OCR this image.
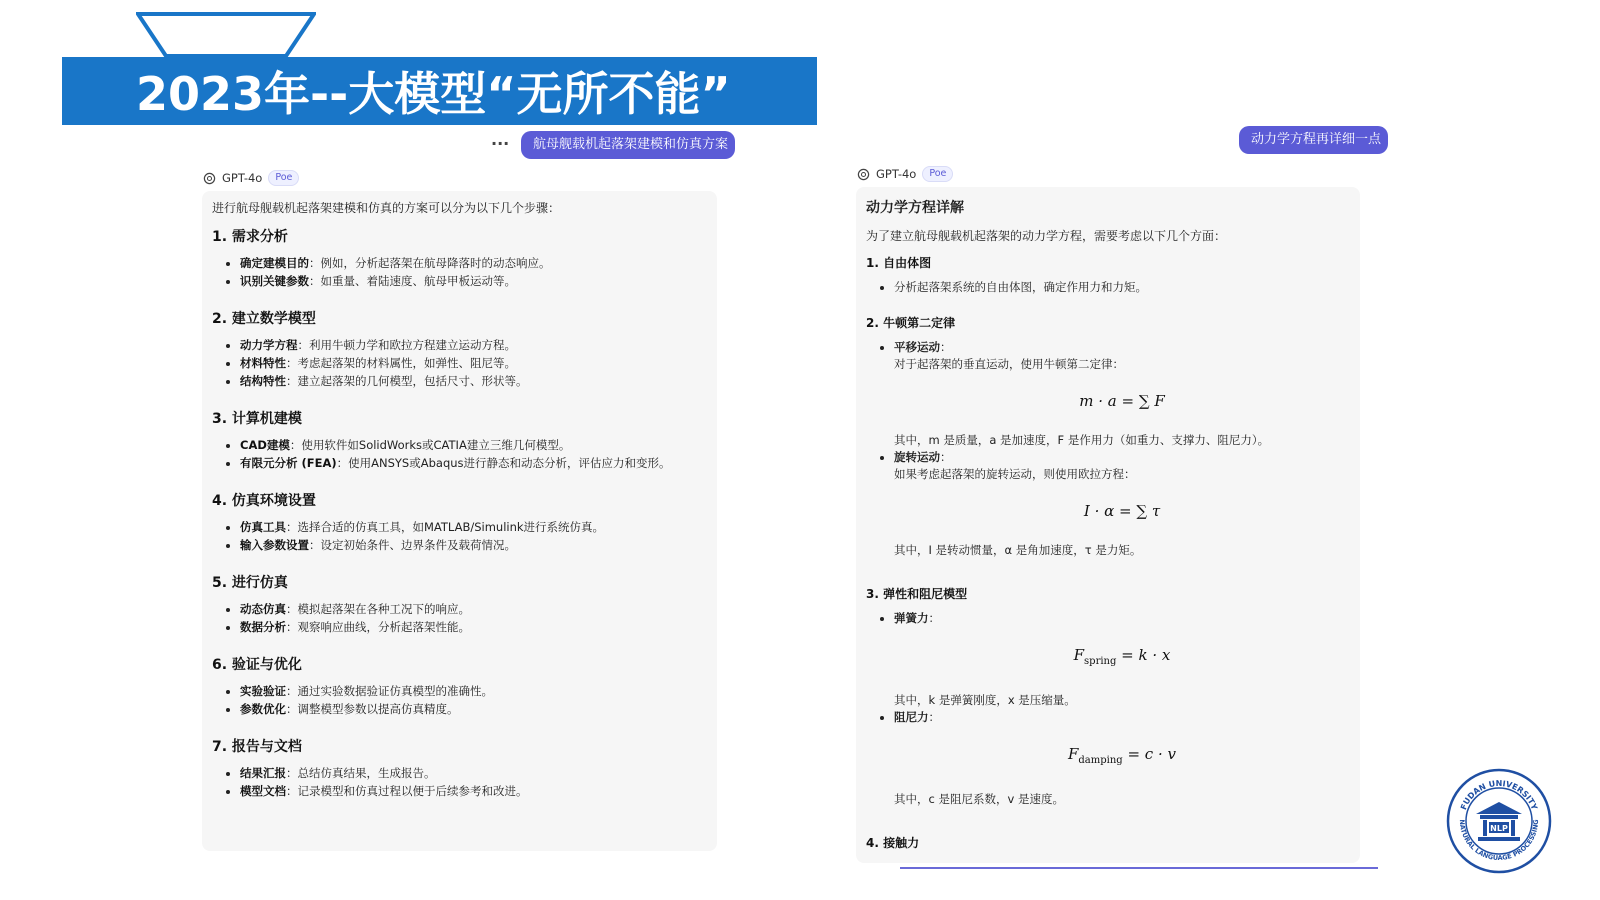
2023年--大模型“无所不能”
···	航母舰载机起落架建模和仿真方案
GPT-4o	Poe
进行航母舰载机起落架建模和仿真的方案可以分为以下几个步骤：
1. 需求分析
• 确定建模目的：例如，分析起落架在航母降落时的动态响应。
• 识别关键参数：如重量、着陆速度、航母甲板运动等。
2. 建立数学模型
• 动力学方程：利用牛顿力学和欧拉方程建立运动方程。
• 材料特性：考虑起落架的材料属性，如弹性、阻尼等。
• 结构特性：建立起落架的几何模型，包括尺寸、形状等。
3. 计算机建模
• CAD建模：使用软件如SolidWorks或CATIA建立三维几何模型。
• 有限元分析 (FEA)：使用ANSYS或Abaqus进行静态和动态分析，评估应力和变形。
4. 仿真环境设置
• 仿真工具：选择合适的仿真工具，如MATLAB/Simulink进行系统仿真。
• 输入参数设置：设定初始条件、边界条件及载荷情况。
5. 进行仿真
• 动态仿真：模拟起落架在各种工况下的响应。
• 数据分析：观察响应曲线，分析起落架性能。
6. 验证与优化
• 实验验证：通过实验数据验证仿真模型的准确性。
• 参数优化：调整模型参数以提高仿真精度。
7. 报告与文档
• 结果汇报：总结仿真结果，生成报告。
• 模型文档：记录模型和仿真过程以便于后续参考和改进。
动力学方程再详细一点
GPT-4o	Poe
动力学方程详解
为了建立航母舰载机起落架的动力学方程，需要考虑以下几个方面：
1. 自由体图
• 分析起落架系统的自由体图，确定作用力和力矩。
2. 牛顿第二定律
• 平移运动：
对于起落架的垂直运动，使用牛顿第二定律：
m · a = ∑ F
其中，m 是质量，a 是加速度，F 是作用力（如重力、支撑力、阻尼力）。
• 旋转运动：
如果考虑起落架的旋转运动，则使用欧拉方程：
I · α = ∑ τ
其中，I 是转动惯量，α 是角加速度，τ 是力矩。
3. 弹性和阻尼模型
• 弹簧力：
$F_{spring} = k \cdot x$
其中，k 是弹簧刚度，x 是压缩量。
• 阻尼力：
$F_{damping} = c \cdot v$
其中，c 是阻尼系数，v 是速度。
4. 接触力
FUDAN UNIVERSITY
NATURAL LANGUAGE PROCESSING
NLP
